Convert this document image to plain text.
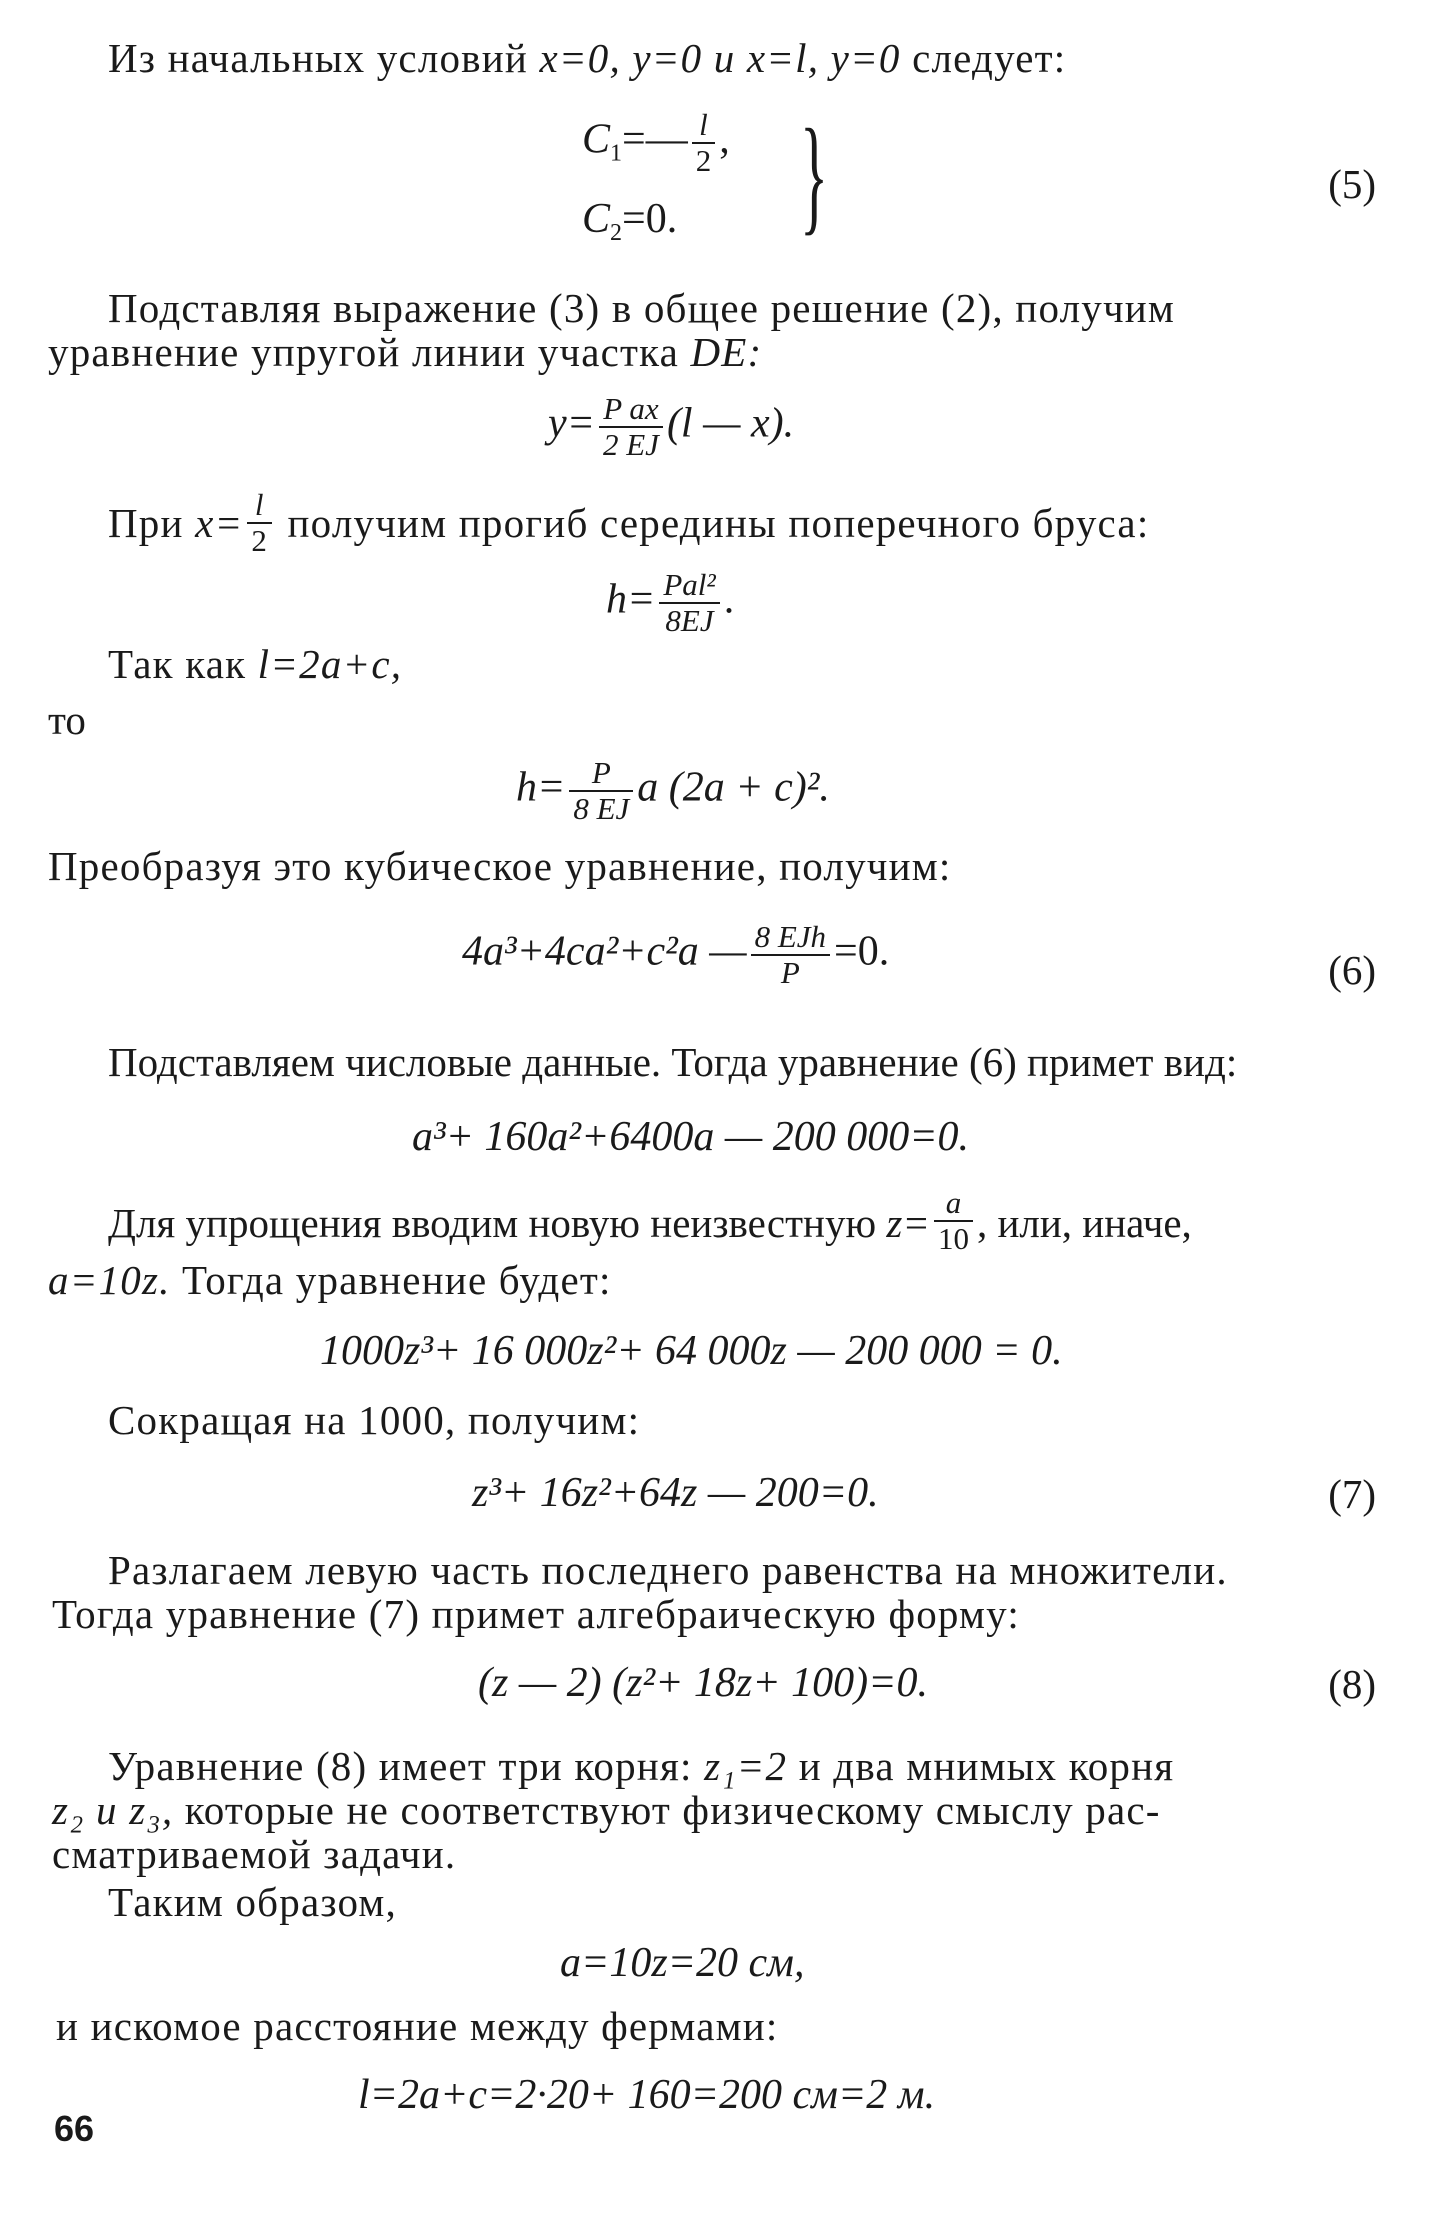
Из начальных условий x=0, y=0 и x=l, y=0 следует:
$C_1=— \frac{l}{2}$ ,
$C_2=0$. }	(5)
Подставляя выражение (3) в общее решение (2), получим
уравнение упругой линии участка DE:
$y= \frac{\text{P ax}}{2 EJ} (l$ — x).
При $x= \frac{l}{2}$ получим прогиб середины поперечного бруса:
$h= \frac{\text{Pal²}}{8EJ}$ .
Так как l=2a+c,
то
$h= \frac{P}{8 EJ}$ a (2a + c)².
Преобразуя это кубическое уравнение, получим:
4a³+4ca²+c²a — $\frac{\text{8 EJh}}{P} =0$.	(6)
Подставляем числовые данные. Тогда уравнение (6) примет вид:
a³+ 160a²+6400a — 200 000=0.
Для упрощения вводим новую неизвестную $z= \frac{a}{10}$ , или, иначе,
a=10z. Тогда уравнение будет:
1000z³+ 16 000z²+ 64 000z — 200 000 = 0.
Сокращая на 1000, получим:
z³+ 16z²+64z — 200=0.	(7)
Разлагаем левую часть последнего равенства на множители.
Тогда уравнение (7) примет алгебраическую форму:
(z — 2) (z²+ 18z+ 100)=0.	(8)
Уравнение (8) имеет три корня: z₁=2 и два мнимых корня
z₂ и z₃, которые не соответствуют физическому смыслу рас-
сматриваемой задачи.
Таким образом,
a=10z=20 см,
и искомое расстояние между фермами:
l=2a+c=2·20+ 160=200 см=2 м.
66
